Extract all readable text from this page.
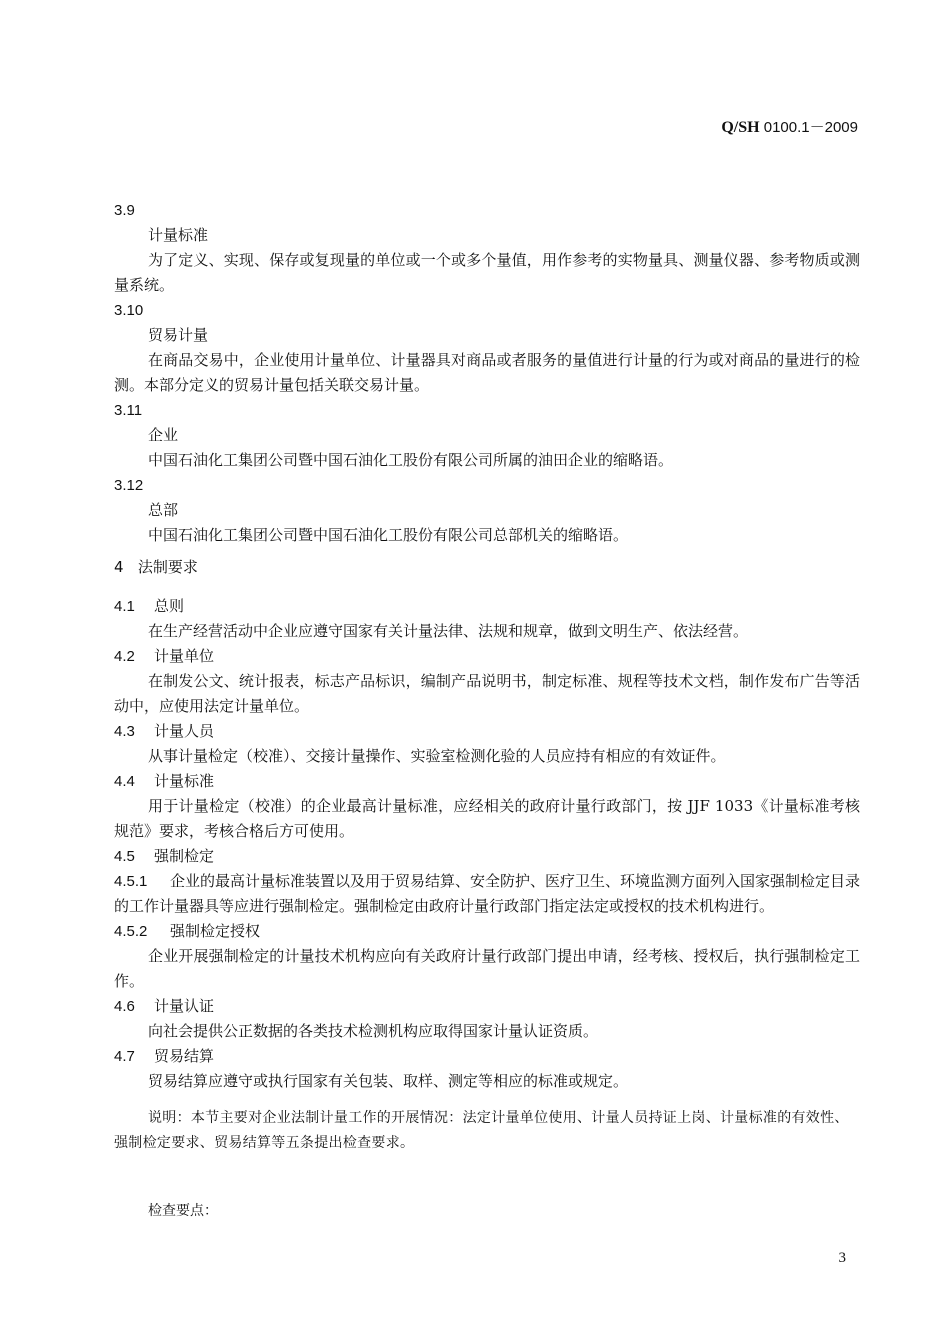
Q/SH 0100.1－2009
3.9
计量标准
为了定义、实现、保存或复现量的单位或一个或多个量值，用作参考的实物量具、测量仪器、参考物质或测量系统。
3.10
贸易计量
在商品交易中，企业使用计量单位、计量器具对商品或者服务的量值进行计量的行为或对商品的量进行的检测。本部分定义的贸易计量包括关联交易计量。
3.11
企业
中国石油化工集团公司暨中国石油化工股份有限公司所属的油田企业的缩略语。
3.12
总部
中国石油化工集团公司暨中国石油化工股份有限公司总部机关的缩略语。
4 法制要求
4.1 总则
在生产经营活动中企业应遵守国家有关计量法律、法规和规章，做到文明生产、依法经营。
4.2 计量单位
在制发公文、统计报表，标志产品标识，编制产品说明书，制定标准、规程等技术文档，制作发布广告等活动中，应使用法定计量单位。
4.3 计量人员
从事计量检定（校准）、交接计量操作、实验室检测化验的人员应持有相应的有效证件。
4.4 计量标准
用于计量检定（校准）的企业最高计量标准，应经相关的政府计量行政部门，按 JJF 1033《计量标准考核规范》要求，考核合格后方可使用。
4.5 强制检定
4.5.1 企业的最高计量标准装置以及用于贸易结算、安全防护、医疗卫生、环境监测方面列入国家强制检定目录的工作计量器具等应进行强制检定。强制检定由政府计量行政部门指定法定或授权的技术机构进行。
4.5.2 强制检定授权
企业开展强制检定的计量技术机构应向有关政府计量行政部门提出申请，经考核、授权后，执行强制检定工作。
4.6 计量认证
向社会提供公正数据的各类技术检测机构应取得国家计量认证资质。
4.7 贸易结算
贸易结算应遵守或执行国家有关包装、取样、测定等相应的标准或规定。
说明：本节主要对企业法制计量工作的开展情况：法定计量单位使用、计量人员持证上岗、计量标准的有效性、强制检定要求、贸易结算等五条提出检查要求。
检查要点：
3
